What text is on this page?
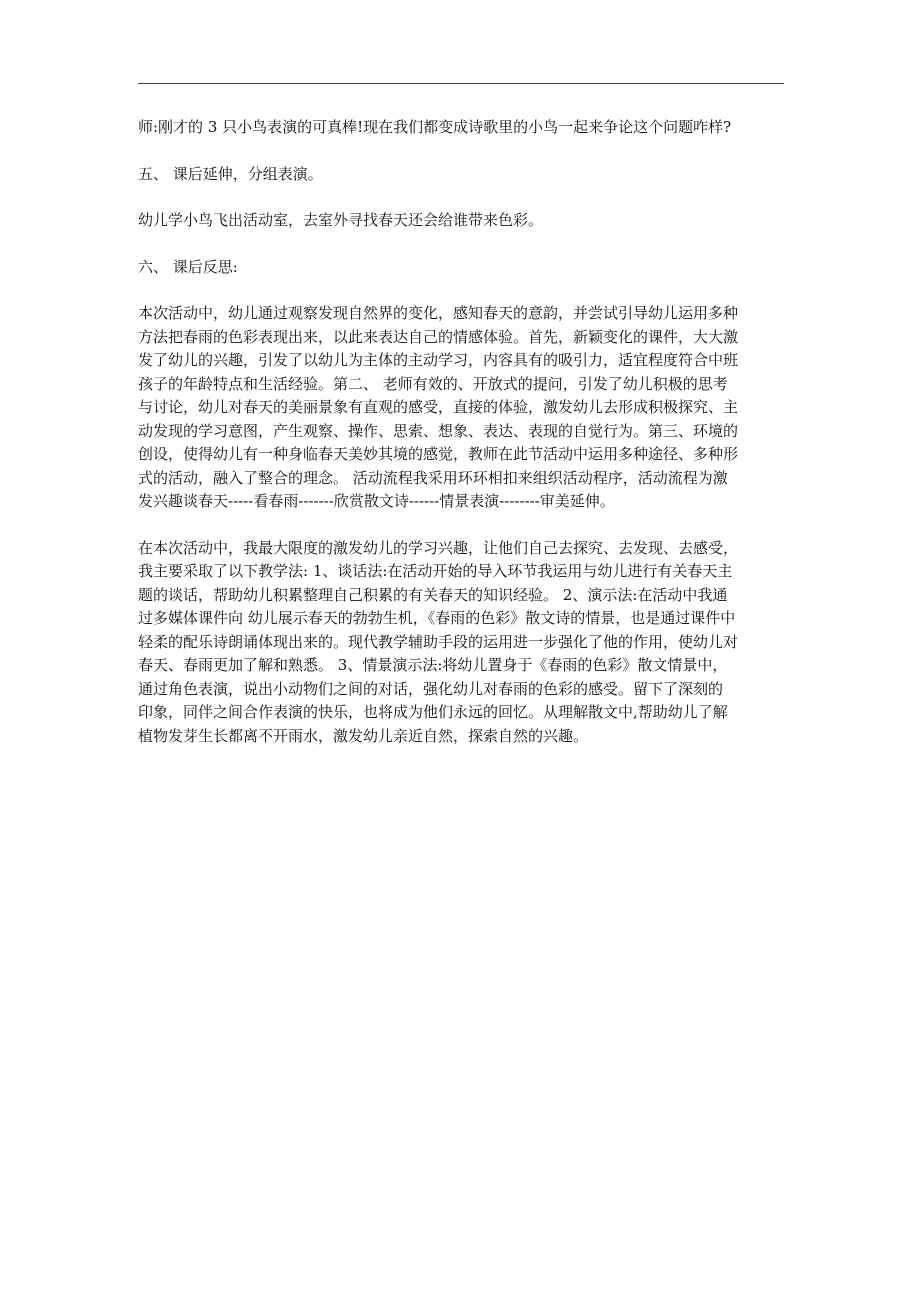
师:刚才的 3 只小鸟表演的可真棒!现在我们都变成诗歌里的小鸟一起来争论这个问题咋样?

五、 课后延伸，分组表演。

幼儿学小鸟飞出活动室，去室外寻找春天还会给谁带来色彩。

六、 课后反思:

本次活动中，幼儿通过观察发现自然界的变化，感知春天的意韵，并尝试引导幼儿运用多种
方法把春雨的色彩表现出来，以此来表达自己的情感体验。首先，新颖变化的课件，大大激
发了幼儿的兴趣，引发了以幼儿为主体的主动学习，内容具有的吸引力，适宜程度符合中班
孩子的年龄特点和生活经验。第二、 老师有效的、开放式的提问，引发了幼儿积极的思考
与讨论，幼儿对春天的美丽景象有直观的感受，直接的体验，激发幼儿去形成积极探究、主
动发现的学习意图，产生观察、操作、思索、想象、表达、表现的自觉行为。第三、环境的
创设，使得幼儿有一种身临春天美妙其境的感觉，教师在此节活动中运用多种途径、多种形
式的活动，融入了整合的理念。 活动流程我采用环环相扣来组织活动程序，活动流程为激
发兴趣谈春天-----看春雨-------欣赏散文诗------情景表演--------审美延伸。

在本次活动中，我最大限度的激发幼儿的学习兴趣，让他们自己去探究、去发现、去感受，
我主要采取了以下教学法: 1、谈话法:在活动开始的导入环节我运用与幼儿进行有关春天主
题的谈话，帮助幼儿积累整理自己积累的有关春天的知识经验。 2、演示法:在活动中我通
过多媒体课件向 幼儿展示春天的勃勃生机，《春雨的色彩》散文诗的情景，也是通过课件中
轻柔的配乐诗朗诵体现出来的。现代教学辅助手段的运用进一步强化了他的作用，使幼儿对
春天、春雨更加了解和熟悉。 3、情景演示法:将幼儿置身于《春雨的色彩》散文情景中，
通过角色表演，说出小动物们之间的对话，强化幼儿对春雨的色彩的感受。留下了深刻的
印象，同伴之间合作表演的快乐，也将成为他们永远的回忆。从理解散文中,帮助幼儿了解
植物发芽生长都离不开雨水，激发幼儿亲近自然，探索自然的兴趣。
